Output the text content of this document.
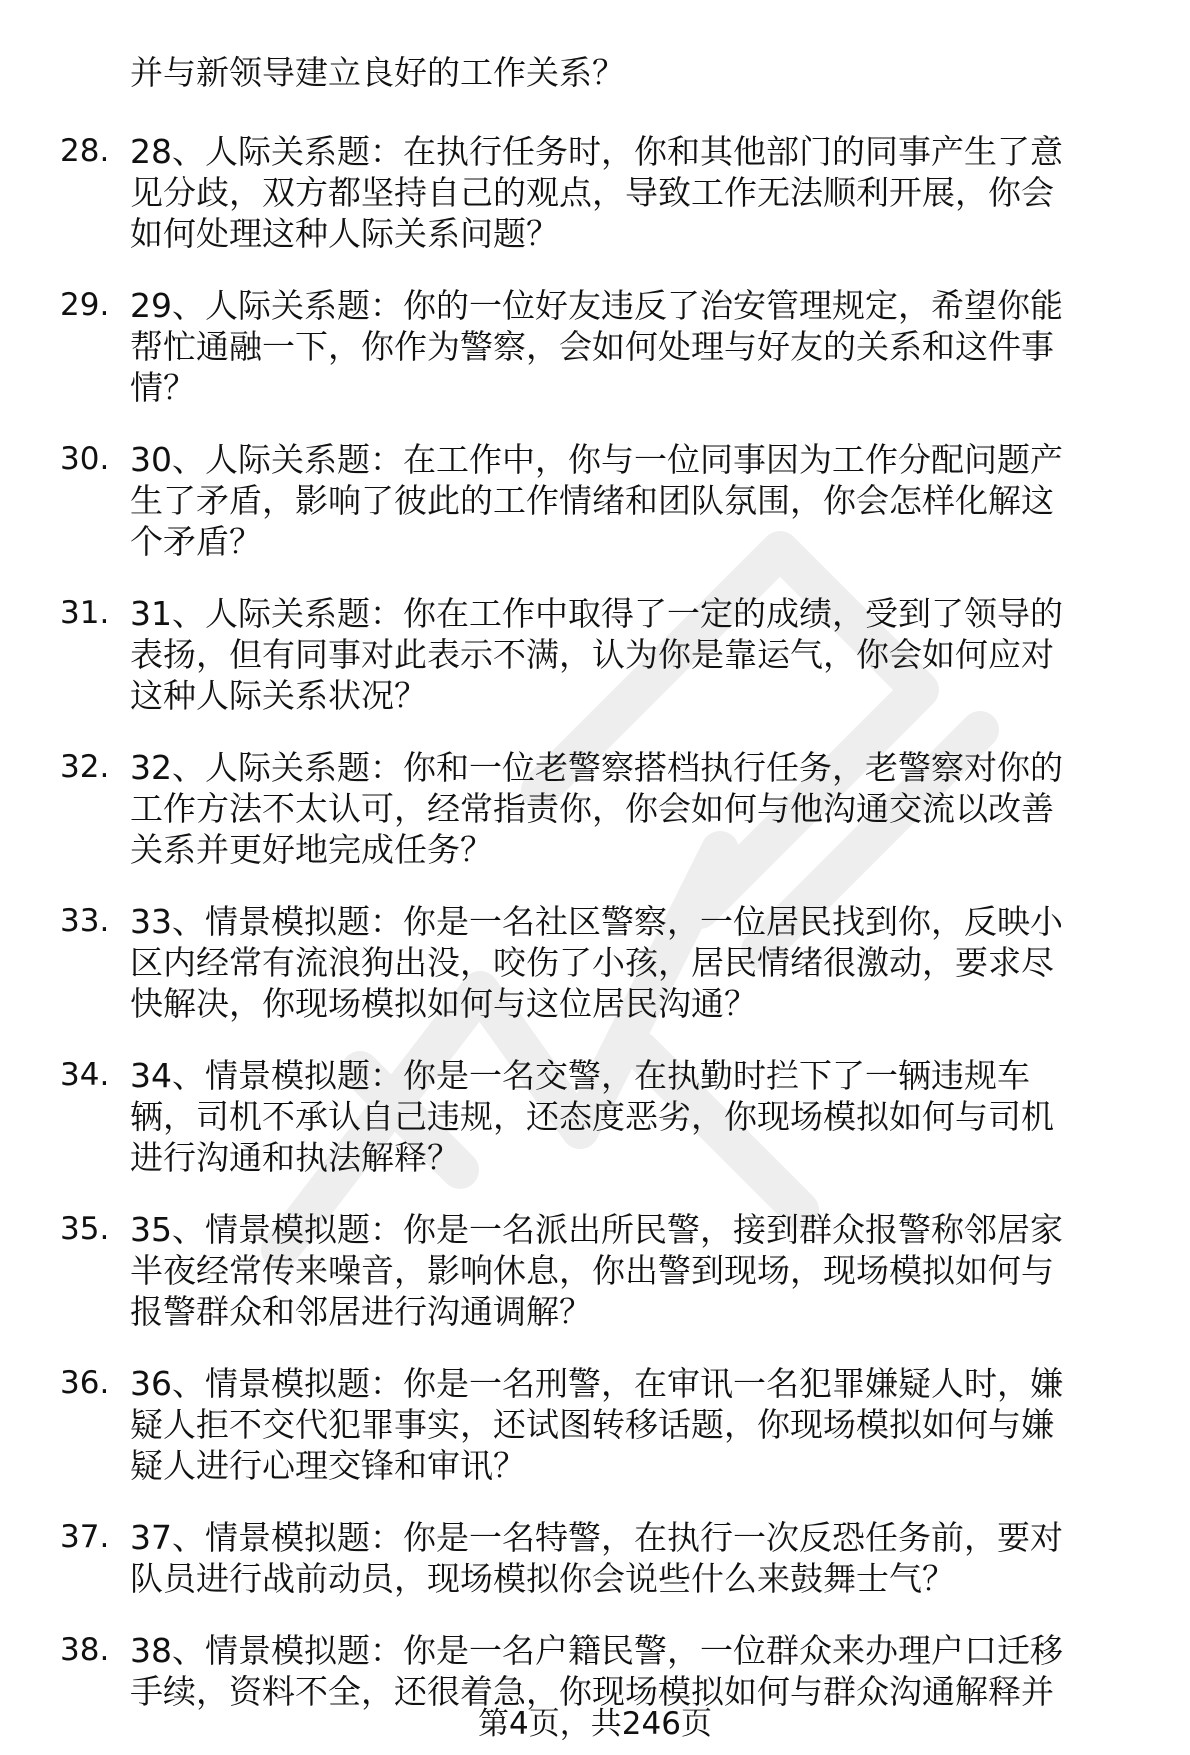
并与新领导建立良好的工作关系？
28. 28、人际关系题：在执行任务时，你和其他部门的同事产生了意
见分歧，双方都坚持自己的观点，导致工作无法顺利开展，你会
如何处理这种人际关系问题？
29. 29、人际关系题：你的一位好友违反了治安管理规定，希望你能
帮忙通融一下，你作为警察，会如何处理与好友的关系和这件事
情？
30. 30、人际关系题：在工作中，你与一位同事因为工作分配问题产
生了矛盾，影响了彼此的工作情绪和团队氛围，你会怎样化解这
个矛盾？
31. 31、人际关系题：你在工作中取得了一定的成绩，受到了领导的
表扬，但有同事对此表示不满，认为你是靠运气，你会如何应对
这种人际关系状况？
32. 32、人际关系题：你和一位老警察搭档执行任务，老警察对你的
工作方法不太认可，经常指责你，你会如何与他沟通交流以改善
关系并更好地完成任务？
33. 33、情景模拟题：你是一名社区警察，一位居民找到你，反映小
区内经常有流浪狗出没，咬伤了小孩，居民情绪很激动，要求尽
快解决，你现场模拟如何与这位居民沟通？
34. 34、情景模拟题：你是一名交警，在执勤时拦下了一辆违规车
辆，司机不承认自己违规，还态度恶劣，你现场模拟如何与司机
进行沟通和执法解释？
35. 35、情景模拟题：你是一名派出所民警，接到群众报警称邻居家
半夜经常传来噪音，影响休息，你出警到现场，现场模拟如何与
报警群众和邻居进行沟通调解？
36. 36、情景模拟题：你是一名刑警，在审讯一名犯罪嫌疑人时，嫌
疑人拒不交代犯罪事实，还试图转移话题，你现场模拟如何与嫌
疑人进行心理交锋和审讯？
37. 37、情景模拟题：你是一名特警，在执行一次反恐任务前，要对
队员进行战前动员，现场模拟你会说些什么来鼓舞士气？
38. 38、情景模拟题：你是一名户籍民警，一位群众来办理户口迁移
手续，资料不全，还很着急，你现场模拟如何与群众沟通解释并
第4页，共246页
